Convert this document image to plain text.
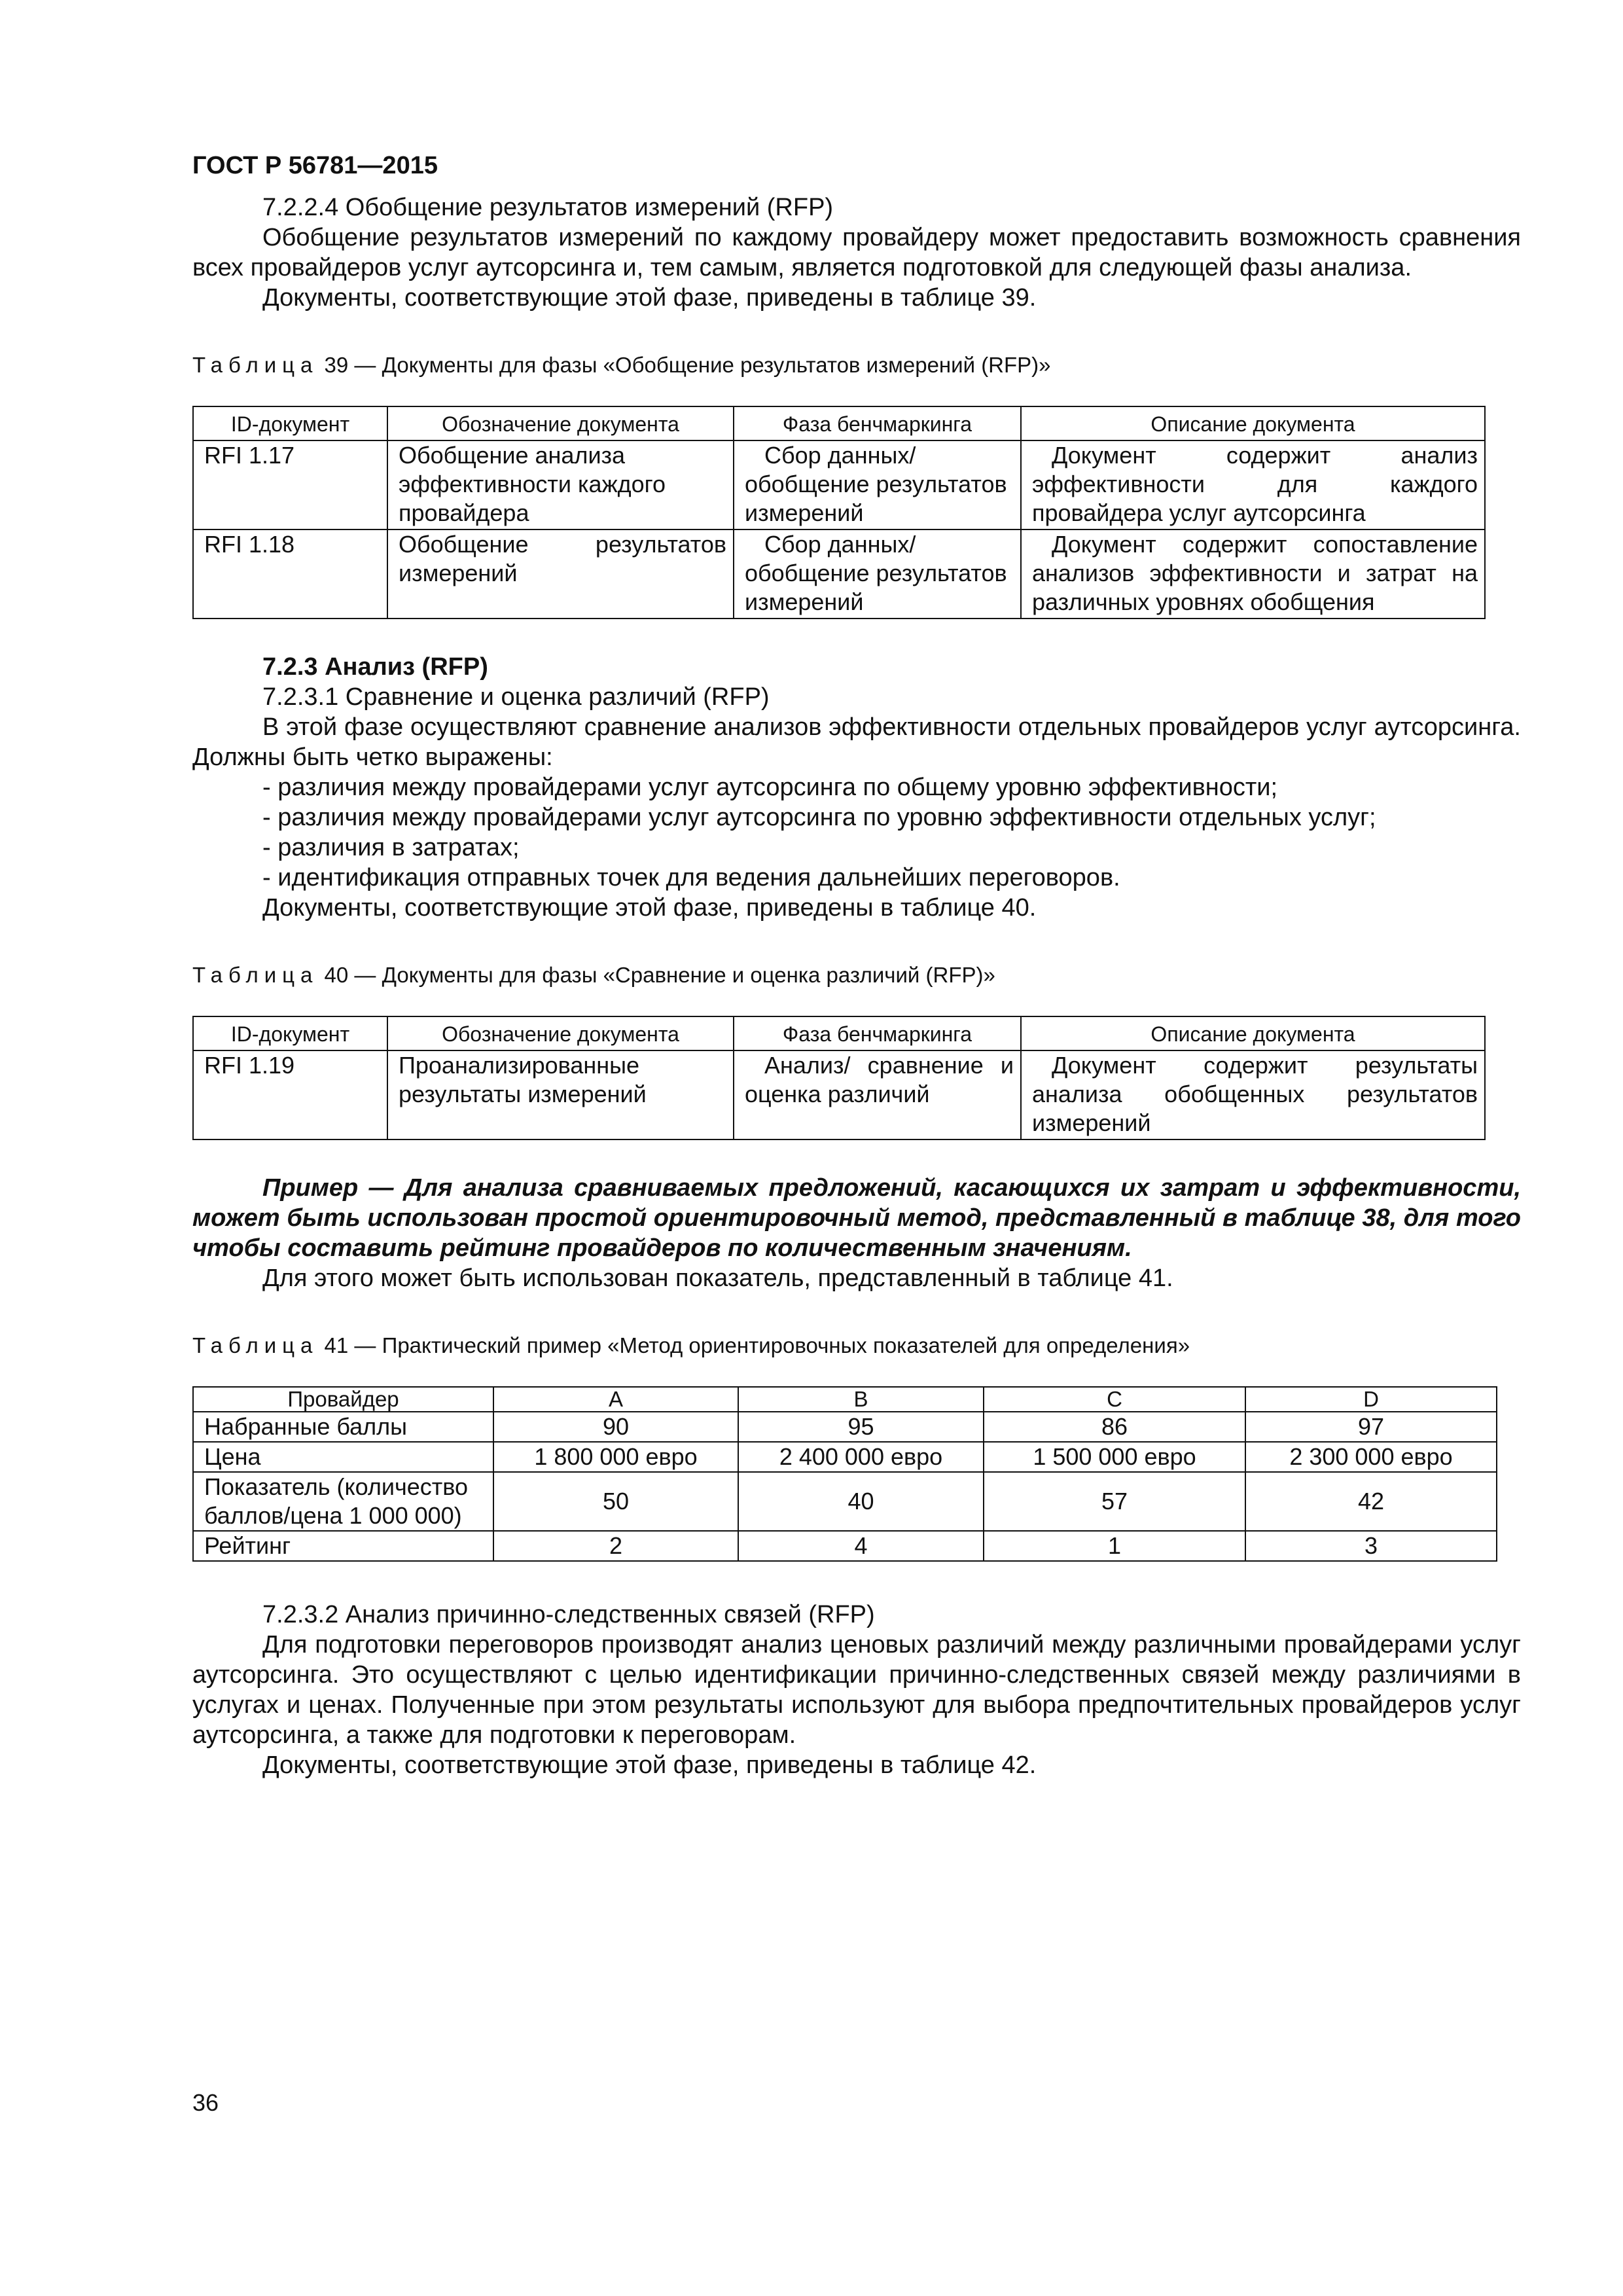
ГОСТ Р 56781—2015

7.2.2.4 Обобщение результатов измерений (RFP)

Обобщение результатов измерений по каждому провайдеру может предоставить возможность сравнения всех провайдеров услуг аутсорсинга и, тем самым, является подготовкой для следующей фазы анализа.

Документы, соответствующие этой фазе, приведены в таблице 39.

Таблица 39 — Документы для фазы «Обобщение результатов измерений (RFP)»
ID-документ	Обозначение документа	Фаза бенчмаркинга	Описание документа
RFI 1.17	Обобщение анализа эффективности каждого провайдера	Сбор данных/ обобщение результатов измерений	Документ содержит анализ эффективности для каждого провайдера услуг аутсорсинга
RFI 1.18	Обобщение результатов измерений	Сбор данных/ обобщение результатов измерений	Документ содержит сопоставление анализов эффективности и затрат на различных уровнях обобщения

7.2.3 Анализ (RFP)

7.2.3.1 Сравнение и оценка различий (RFP)

В этой фазе осуществляют сравнение анализов эффективности отдельных провайдеров услуг аутсорсинга. Должны быть четко выражены:

- различия между провайдерами услуг аутсорсинга по общему уровню эффективности;

- различия между провайдерами услуг аутсорсинга по уровню эффективности отдельных услуг;

- различия в затратах;

- идентификация отправных точек для ведения дальнейших переговоров.

Документы, соответствующие этой фазе, приведены в таблице 40.

Таблица 40 — Документы для фазы «Сравнение и оценка различий (RFP)»
ID-документ	Обозначение документа	Фаза бенчмаркинга	Описание документа
RFI 1.19	Проанализированные результаты измерений	Анализ/ сравнение и оценка различий	Документ содержит результаты анализа обобщенных результатов измерений

Пример — Для анализа сравниваемых предложений, касающихся их затрат и эффективности, может быть использован простой ориентировочный метод, представленный в таблице 38, для того чтобы составить рейтинг провайдеров по количественным значениям.

Для этого может быть использован показатель, представленный в таблице 41.

Таблица 41 — Практический пример «Метод ориентировочных показателей для определения»
Провайдер	A	B	C	D
Набранные баллы	90	95	86	97
Цена	1 800 000 евро	2 400 000 евро	1 500 000 евро	2 300 000 евро
Показатель (количество баллов/цена 1 000 000)	50	40	57	42
Рейтинг	2	4	1	3

7.2.3.2 Анализ причинно-следственных связей (RFP)

Для подготовки переговоров производят анализ ценовых различий между различными провайдерами услуг аутсорсинга. Это осуществляют с целью идентификации причинно-следственных связей между различиями в услугах и ценах. Полученные при этом результаты используют для выбора предпочтительных провайдеров услуг аутсорсинга, а также для подготовки к переговорам.

Документы, соответствующие этой фазе, приведены в таблице 42.

36
